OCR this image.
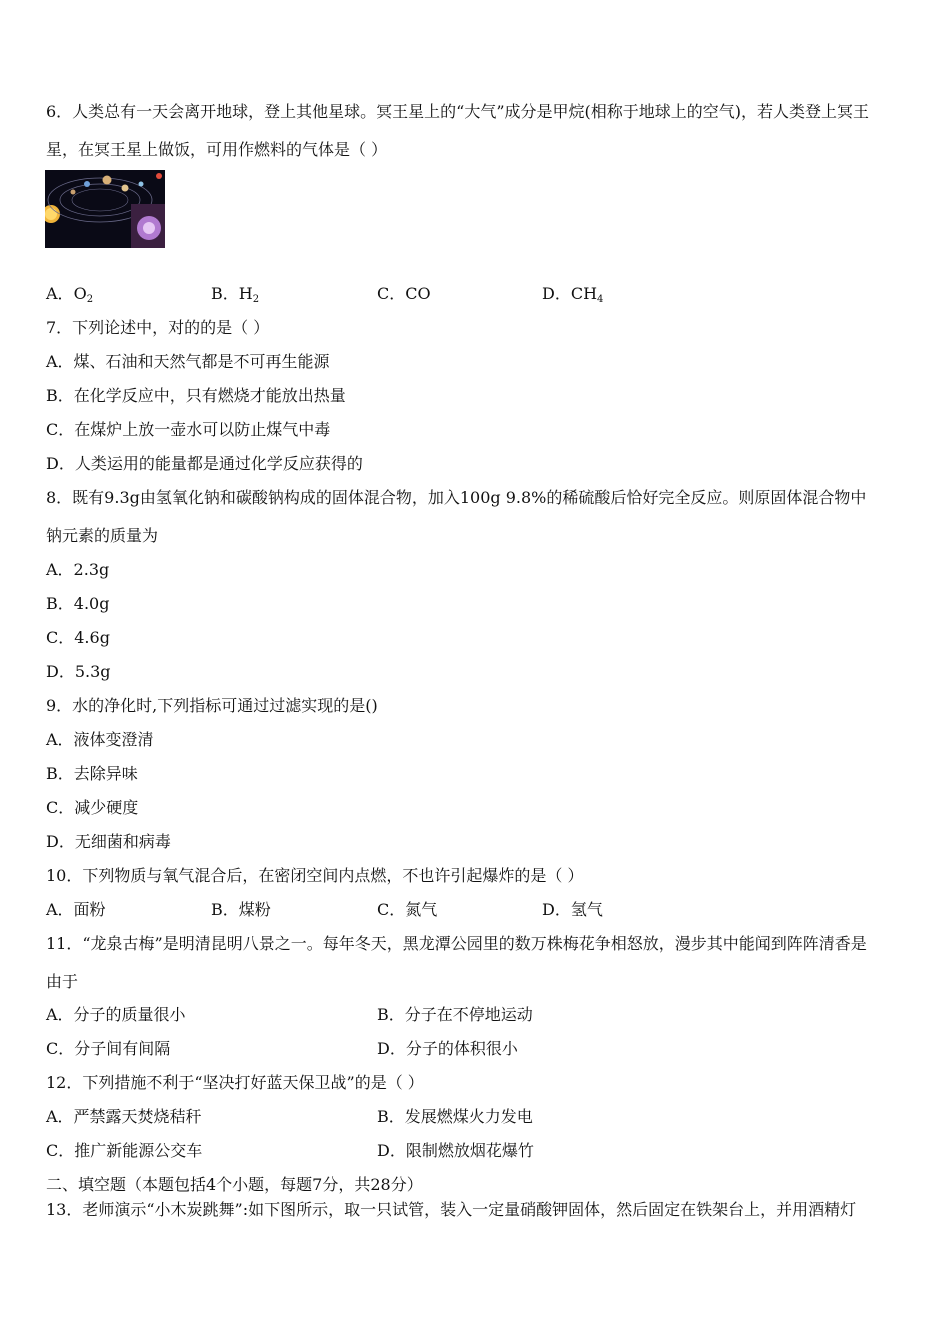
6．人类总有一天会离开地球，登上其他星球。冥王星上的“大气”成分是甲烷(相称于地球上的空气)，若人类登上冥王
星，在冥王星上做饭，可用作燃料的气体是（ ）
A．$O_2$	B．$H_2$	C．CO	D．$CH_4$
7．下列论述中，对的的是（ ）
A．煤、石油和天然气都是不可再生能源
B．在化学反应中，只有燃烧才能放出热量
C．在煤炉上放一壶水可以防止煤气中毒
D．人类运用的能量都是通过化学反应获得的
8．既有9.3g由氢氧化钠和碳酸钠构成的固体混合物，加入100g 9.8%的稀硫酸后恰好完全反应。则原固体混合物中
钠元素的质量为
A．2.3g
B．4.0g
C．4.6g
D．5.3g
9．水的净化时,下列指标可通过过滤实现的是()
A．液体变澄清
B．去除异味
C．减少硬度
D．无细菌和病毒
10．下列物质与氧气混合后，在密闭空间内点燃，不也许引起爆炸的是（ ）
A．面粉	B．煤粉	C．氮气	D．氢气
11．“龙泉古梅”是明清昆明八景之一。每年冬天，黑龙潭公园里的数万株梅花争相怒放，漫步其中能闻到阵阵清香是
由于
A．分子的质量很小	B．分子在不停地运动
C．分子间有间隔	D．分子的体积很小
12．下列措施不利于“坚决打好蓝天保卫战”的是（ ）
A．严禁露天焚烧秸秆	B．发展燃煤火力发电
C．推广新能源公交车	D．限制燃放烟花爆竹
二、填空题（本题包括4个小题，每题7分，共28分）
13．老师演示“小木炭跳舞”:如下图所示，取一只试管，装入一定量硝酸钾固体，然后固定在铁架台上，并用酒精灯
